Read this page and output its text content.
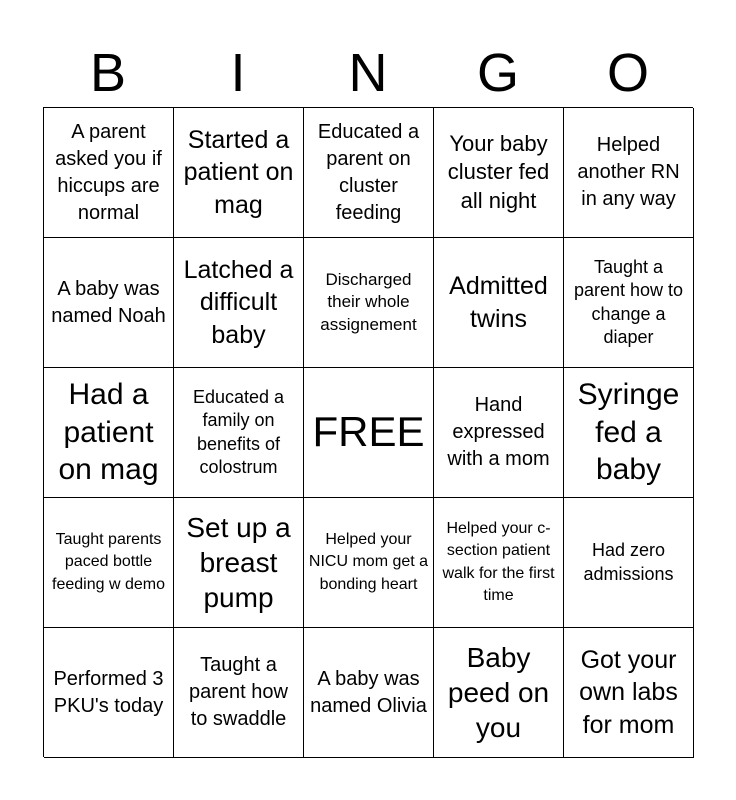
B	I	N	G	O
A parent asked you if hiccups are normal
Started a patient on mag
Educated a parent on cluster feeding
Your baby cluster fed all night
Helped another RN in any way
A baby was named Noah
Latched a difficult baby
Discharged their whole assignement
Admitted twins
Taught a parent how to change a diaper
Had a patient on mag
Educated a family on benefits of colostrum
FREE
Hand expressed with a mom
Syringe fed a baby
Taught parents paced bottle feeding w demo
Set up a breast pump
Helped your NICU mom get a bonding heart
Helped your c-section patient walk for the first time
Had zero admissions
Performed 3 PKU's today
Taught a parent how to swaddle
A baby was named Olivia
Baby peed on you
Got your own labs for mom
